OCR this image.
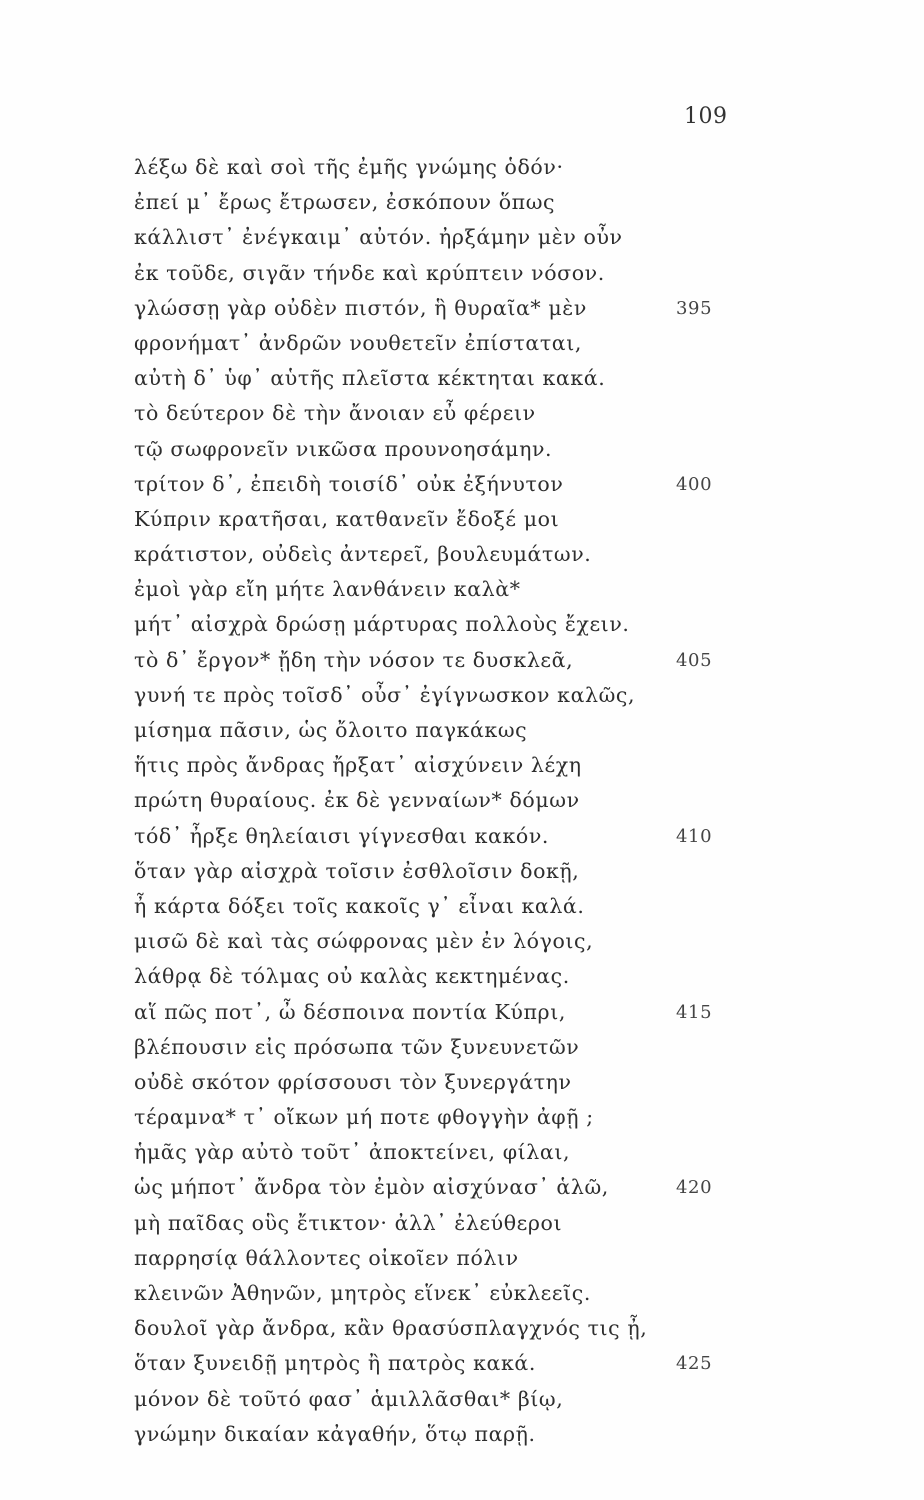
109
λέξω δὲ καὶ σοὶ τῆς ἐμῆς γνώμης ὁδόν·
ἐπεί μ᾽ ἔρως ἔτρωσεν, ἐσκόπουν ὅπως
κάλλιστ᾽ ἐνέγκαιμ᾽ αὐτόν. ἠρξάμην μὲν οὖν
ἐκ τοῦδε, σιγᾶν τήνδε καὶ κρύπτειν νόσον.
γλώσσῃ γὰρ οὐδὲν πιστόν, ἣ θυραῖα* μὲν	395
φρονήματ᾽ ἀνδρῶν νουθετεῖν ἐπίσταται,
αὐτὴ δ᾽ ὑφ᾽ αὑτῆς πλεῖστα κέκτηται κακά.
τὸ δεύτερον δὲ τὴν ἄνοιαν εὖ φέρειν
τῷ σωφρονεῖν νικῶσα προυνοησάμην.
τρίτον δ᾽, ἐπειδὴ τοισίδ᾽ οὐκ ἐξήνυτον	400
Κύπριν κρατῆσαι, κατθανεῖν ἔδοξέ μοι
κράτιστον, οὐδεὶς ἀντερεῖ, βουλευμάτων.
ἐμοὶ γὰρ εἴη μήτε λανθάνειν καλὰ*
μήτ᾽ αἰσχρὰ δρώσῃ μάρτυρας πολλοὺς ἔχειν.
τὸ δ᾽ ἔργον* ᾔδη τὴν νόσον τε δυσκλεᾶ,	405
γυνή τε πρὸς τοῖσδ᾽ οὖσ᾽ ἐγίγνωσκον καλῶς,
μίσημα πᾶσιν, ὡς ὄλοιτο παγκάκως
ἥτις πρὸς ἄνδρας ἤρξατ᾽ αἰσχύνειν λέχη
πρώτη θυραίους. ἐκ δὲ γενναίων* δόμων
τόδ᾽ ἦρξε θηλείαισι γίγνεσθαι κακόν.	410
ὅταν γὰρ αἰσχρὰ τοῖσιν ἐσθλοῖσιν δοκῇ,
ἦ κάρτα δόξει τοῖς κακοῖς γ᾽ εἶναι καλά.
μισῶ δὲ καὶ τὰς σώφρονας μὲν ἐν λόγοις,
λάθρᾳ δὲ τόλμας οὐ καλὰς κεκτημένας.
αἵ πῶς ποτ᾽, ὦ δέσποινα ποντία Κύπρι,	415
βλέπουσιν εἰς πρόσωπα τῶν ξυνευνετῶν
οὐδὲ σκότον φρίσσουσι τὸν ξυνεργάτην
τέραμνα* τ᾽ οἴκων μή ποτε φθογγὴν ἀφῇ ;
ἡμᾶς γὰρ αὐτὸ τοῦτ᾽ ἀποκτείνει, φίλαι,
ὡς μήποτ᾽ ἄνδρα τὸν ἐμὸν αἰσχύνασ᾽ ἁλῶ,	420
μὴ παῖδας οὓς ἔτικτον· ἀλλ᾽ ἐλεύθεροι
παρρησίᾳ θάλλοντες οἰκοῖεν πόλιν
κλεινῶν Ἀθηνῶν, μητρὸς εἵνεκ᾽ εὐκλεεῖς.
δουλοῖ γὰρ ἄνδρα, κἂν θρασύσπλαγχνός τις ᾖ,
ὅταν ξυνειδῇ μητρὸς ἢ πατρὸς κακά.	425
μόνον δὲ τοῦτό φασ᾽ ἁμιλλᾶσθαι* βίῳ,
γνώμην δικαίαν κἀγαθήν, ὅτῳ παρῇ.
